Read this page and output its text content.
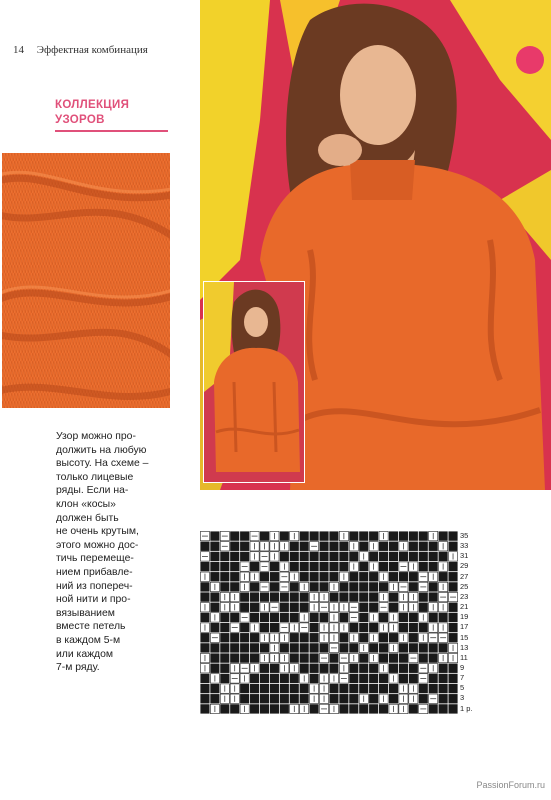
14 Эффектная комбинация
КОЛЛЕКЦИЯ
УЗОРОВ
Узор можно про-
должить на любую
высоту. На схеме –
только лицевые
ряды. Если на-
клон «косы»
должен быть
не очень крутым,
этого можно дос-
тичь перемеще-
нием прибавле-
ний из попереч-
ной нити и про-
вязыванием
вместе петель
в каждом 5-м
или каждом
7-м ряду.
35
33
31
29
27
25
23
21
19
17
15
13
11
9
7
5
3
1 р.
PassionForum.ru
